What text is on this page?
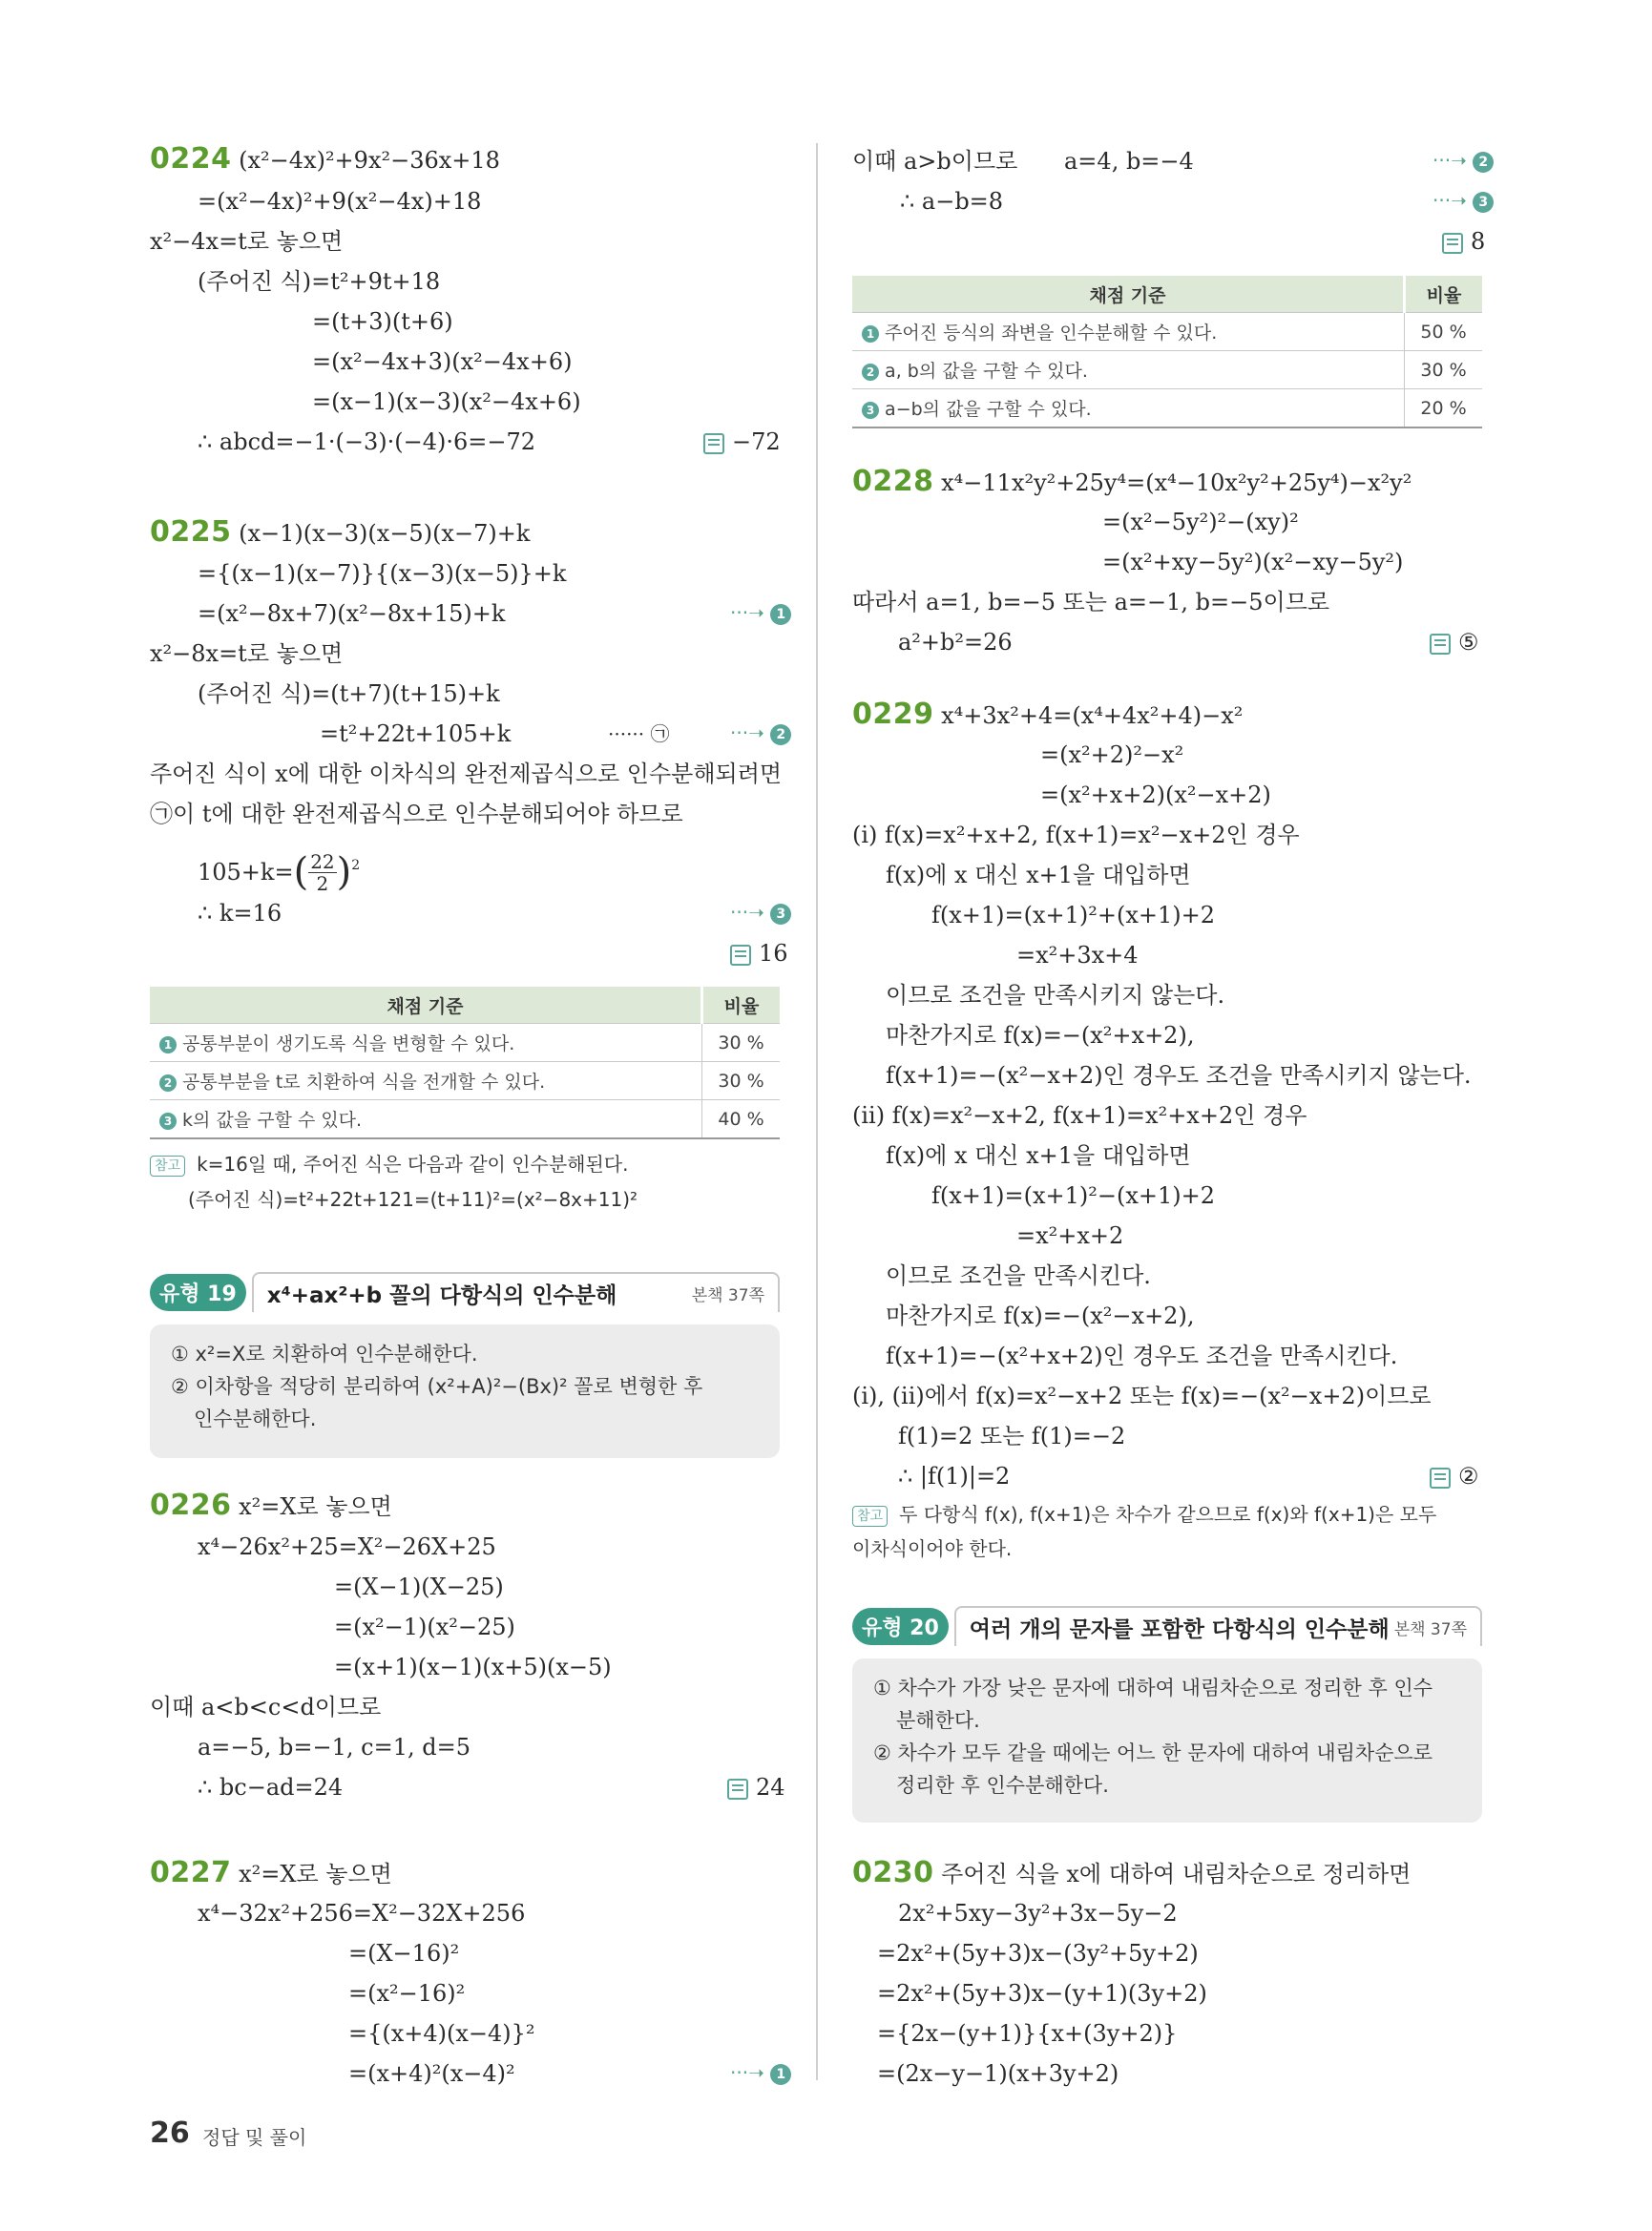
0224 (x²−4x)²+9x²−36x+18
=(x²−4x)²+9(x²−4x)+18
x²−4x=t로 놓으면
(주어진 식)=t²+9t+18
=(t+3)(t+6)
=(x²−4x+3)(x²−4x+6)
=(x−1)(x−3)(x²−4x+6)
∴ abcd=−1·(−3)·(−4)·6=−72	−72
0225 (x−1)(x−3)(x−5)(x−7)+k
={(x−1)(x−7)}{(x−3)(x−5)}+k
=(x²−8x+7)(x²−8x+15)+k	···➝ 1
x²−8x=t로 놓으면
(주어진 식)=(t+7)(t+15)+k
=t²+22t+105+k	······ ㉠	···➝ 2
주어진 식이 x에 대한 이차식의 완전제곱식으로 인수분해되려면
㉠이 t에 대한 완전제곱식으로 인수분해되어야 하므로
105+k= ( 22
2 ) 2
∴ k=16	···➝ 3
16
채점 기준	비율
1 공통부분이 생기도록 식을 변형할 수 있다.	30 %
2 공통부분을 t로 치환하여 식을 전개할 수 있다.	30 %
3 k의 값을 구할 수 있다.	40 %
참고 k=16일 때, 주어진 식은 다음과 같이 인수분해된다.
(주어진 식)=t²+22t+121=(t+11)²=(x²−8x+11)²
유형 19	x⁴+ax²+b 꼴의 다항식의 인수분해	본책 37쪽
① x²=X로 치환하여 인수분해한다.
② 이차항을 적당히 분리하여 (x²+A)²−(Bx)² 꼴로 변형한 후
인수분해한다.
0226 x²=X로 놓으면
x⁴−26x²+25=X²−26X+25
=(X−1)(X−25)
=(x²−1)(x²−25)
=(x+1)(x−1)(x+5)(x−5)
이때 a<b<c<d이므로
a=−5, b=−1, c=1, d=5
∴ bc−ad=24	24
0227 x²=X로 놓으면
x⁴−32x²+256=X²−32X+256
=(X−16)²
=(x²−16)²
={(x+4)(x−4)}²
=(x+4)²(x−4)²	···➝ 1
이때 a>b이므로 a=4, b=−4	···➝ 2
∴ a−b=8	···➝ 3
8
채점 기준	비율
1 주어진 등식의 좌변을 인수분해할 수 있다.	50 %
2 a, b의 값을 구할 수 있다.	30 %
3 a−b의 값을 구할 수 있다.	20 %
0228 x⁴−11x²y²+25y⁴=(x⁴−10x²y²+25y⁴)−x²y²
=(x²−5y²)²−(xy)²
=(x²+xy−5y²)(x²−xy−5y²)
따라서 a=1, b=−5 또는 a=−1, b=−5이므로
a²+b²=26	⑤
0229 x⁴+3x²+4=(x⁴+4x²+4)−x²
=(x²+2)²−x²
=(x²+x+2)(x²−x+2)
(i) f(x)=x²+x+2, f(x+1)=x²−x+2인 경우
f(x)에 x 대신 x+1을 대입하면
f(x+1)=(x+1)²+(x+1)+2
=x²+3x+4
이므로 조건을 만족시키지 않는다.
마찬가지로 f(x)=−(x²+x+2),
f(x+1)=−(x²−x+2)인 경우도 조건을 만족시키지 않는다.
(ii) f(x)=x²−x+2, f(x+1)=x²+x+2인 경우
f(x)에 x 대신 x+1을 대입하면
f(x+1)=(x+1)²−(x+1)+2
=x²+x+2
이므로 조건을 만족시킨다.
마찬가지로 f(x)=−(x²−x+2),
f(x+1)=−(x²+x+2)인 경우도 조건을 만족시킨다.
(i), (ii)에서 f(x)=x²−x+2 또는 f(x)=−(x²−x+2)이므로
f(1)=2 또는 f(1)=−2
∴ |f(1)|=2	②
참고 두 다항식 f(x), f(x+1)은 차수가 같으므로 f(x)와 f(x+1)은 모두
이차식이어야 한다.
유형 20	여러 개의 문자를 포함한 다항식의 인수분해 본책 37쪽
① 차수가 가장 낮은 문자에 대하여 내림차순으로 정리한 후 인수
분해한다.
② 차수가 모두 같을 때에는 어느 한 문자에 대하여 내림차순으로
정리한 후 인수분해한다.
0230 주어진 식을 x에 대하여 내림차순으로 정리하면
2x²+5xy−3y²+3x−5y−2
=2x²+(5y+3)x−(3y²+5y+2)
=2x²+(5y+3)x−(y+1)(3y+2)
={2x−(y+1)}{x+(3y+2)}
=(2x−y−1)(x+3y+2)
26 정답 및 풀이
